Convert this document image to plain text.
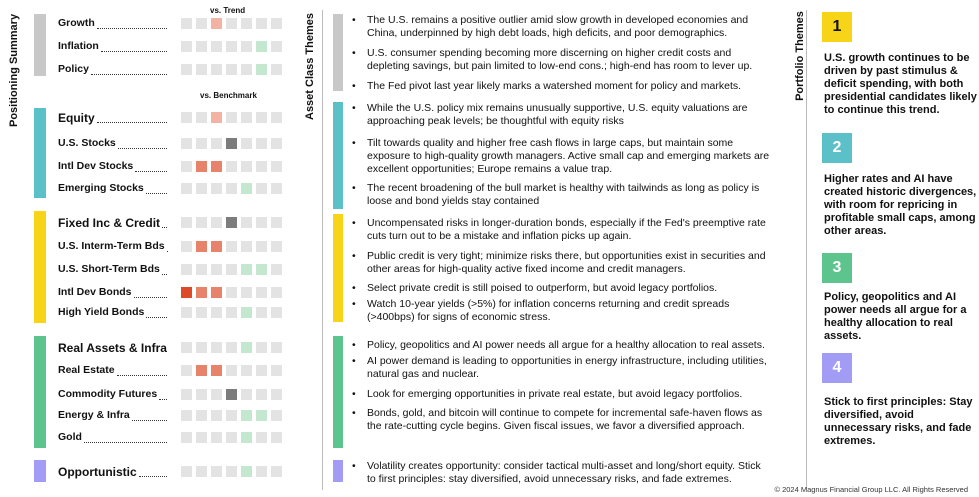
Positioning Summary	Asset Class Themes	Portfolio Themes
vs. Trend
vs. Benchmark
Growth
Inflation
Policy
Equity
U.S. Stocks
Intl Dev Stocks
Emerging Stocks
Fixed Inc & Credit
U.S. Interm-Term Bds
U.S. Short-Term Bds
Intl Dev Bonds
High Yield Bonds
Real Assets & Infra
Real Estate
Commodity Futures
Energy & Infra
Gold
Opportunistic
• The U.S. remains a positive outlier amid slow growth in developed economies and China, underpinned by high debt loads, high deficits, and poor demographics.
• U.S. consumer spending becoming more discerning on higher credit costs and depleting savings, but pain limited to low-end cons.; high-end has room to lever up.
• The Fed pivot last year likely marks a watershed moment for policy and markets.
• While the U.S. policy mix remains unusually supportive, U.S. equity valuations are approaching peak levels; be thoughtful with equity risks
• Tilt towards quality and higher free cash flows in large caps, but maintain some exposure to high-quality growth managers. Active small cap and emerging markets are excellent opportunities; Europe remains a value trap.
• The recent broadening of the bull market is healthy with tailwinds as long as policy is loose and bond yields stay contained
• Uncompensated risks in longer-duration bonds, especially if the Fed's preemptive rate cuts turn out to be a mistake and inflation picks up again.
• Public credit is very tight; minimize risks there, but opportunities exist in securities and other areas for high-quality active fixed income and credit managers.
• Select private credit is still poised to outperform, but avoid legacy portfolios.
• Watch 10-year yields (>5%) for inflation concerns returning and credit spreads (>400bps) for signs of economic stress.
• Policy, geopolitics and AI power needs all argue for a healthy allocation to real assets.
• AI power demand is leading to opportunities in energy infrastructure, including utilities, natural gas and nuclear.
• Look for emerging opportunities in private real estate, but avoid legacy portfolios.
• Bonds, gold, and bitcoin will continue to compete for incremental safe-haven flows as the rate-cutting cycle begins. Given fiscal issues, we favor a diversified approach.
• Volatility creates opportunity: consider tactical multi-asset and long/short equity. Stick to first principles: stay diversified, avoid unnecessary risks, and fade extremes.
1
U.S. growth continues to be driven by past stimulus & deficit spending, with both presidential candidates likely to continue this trend.
2
Higher rates and AI have created historic divergences, with room for repricing in profitable small caps, among other areas.
3
Policy, geopolitics and AI power needs all argue for a healthy allocation to real assets.
4
Stick to first principles: Stay diversified, avoid unnecessary risks, and fade extremes.
© 2024 Magnus Financial Group LLC. All Rights Reserved
